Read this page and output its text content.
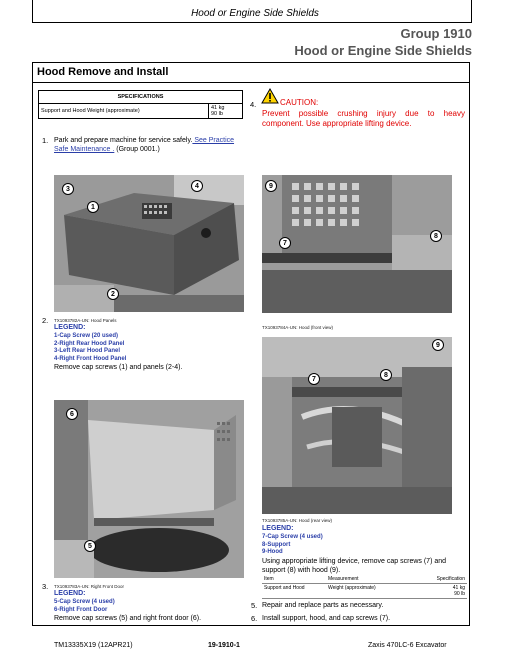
Hood or Engine Side Shields
Group 1910
Hood or Engine Side Shields
Hood Remove and Install
SPECIFICATIONS
Support and Hood Weight (approximate)	41 kg
90 lb
1. Park and prepare machine for service safely. See Practice Safe Maintenance . (Group 0001.)
3	4
1
2
2. TX1093782A-UN: Hood Panels
LEGEND:
1-Cap Screw (20 used)
2-Right Rear Hood Panel
3-Left Rear Hood Panel
4-Right Front Hood Panel
Remove cap screws (1) and panels (2-4).
6
5
3. TX1093783A-UN: Right Front Door
LEGEND:
5-Cap Screw (4 used)
6-Right Front Door
Remove cap screws (5) and right front door (6).
4.	CAUTION:
Prevent possible crushing injury due to heavy component. Use appropriate lifting device.
9
7
8
TX1093784A-UN: Hood (front view)
9
7
8
TX1093785A-UN: Hood (rear view)
LEGEND:
7-Cap Screw (4 used)
8-Support
9-Hood
Using appropriate lifting device, remove cap screws (7) and support (8) with hood (9).
Item	Measurement	Specification
Support and Hood	Weight (approximate)	41 kg
90 lb
5. Repair and replace parts as necessary.
6. Install support, hood, and cap screws (7).
TM13335X19 (12APR21)	19-1910-1	Zaxis 470LC-6 Excavator
